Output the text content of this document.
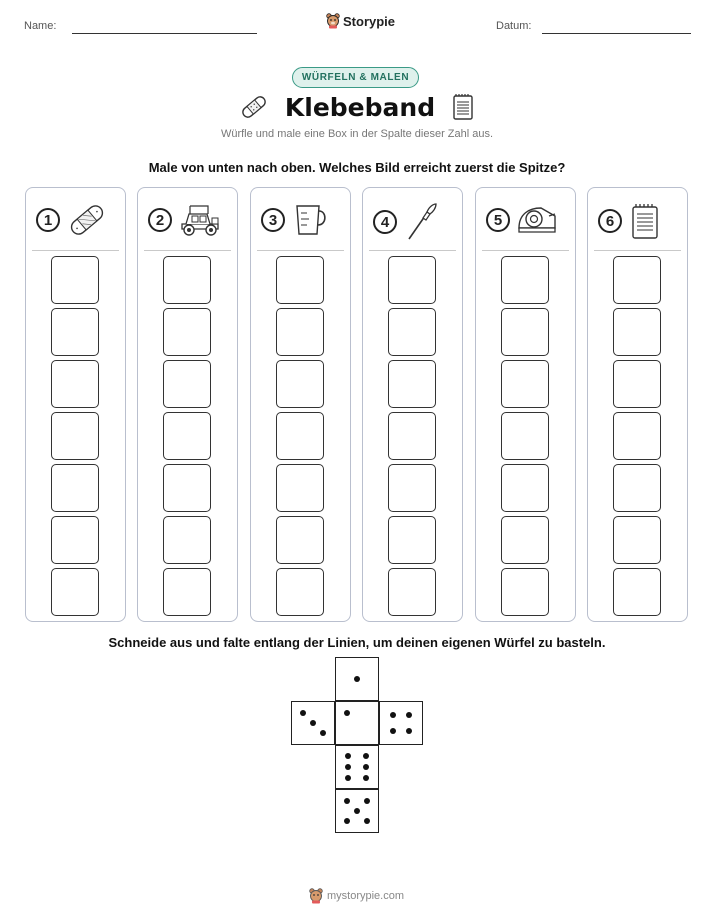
Name:	Storypie	Datum:
WÜRFELN & MALEN
Klebeband
Würfle und male eine Box in der Spalte dieser Zahl aus.
Male von unten nach oben. Welches Bild erreicht zuerst die Spitze?
1	2	3	4	5	6
Schneide aus und falte entlang der Linien, um deinen eigenen Würfel zu basteln.
mystorypie.com
